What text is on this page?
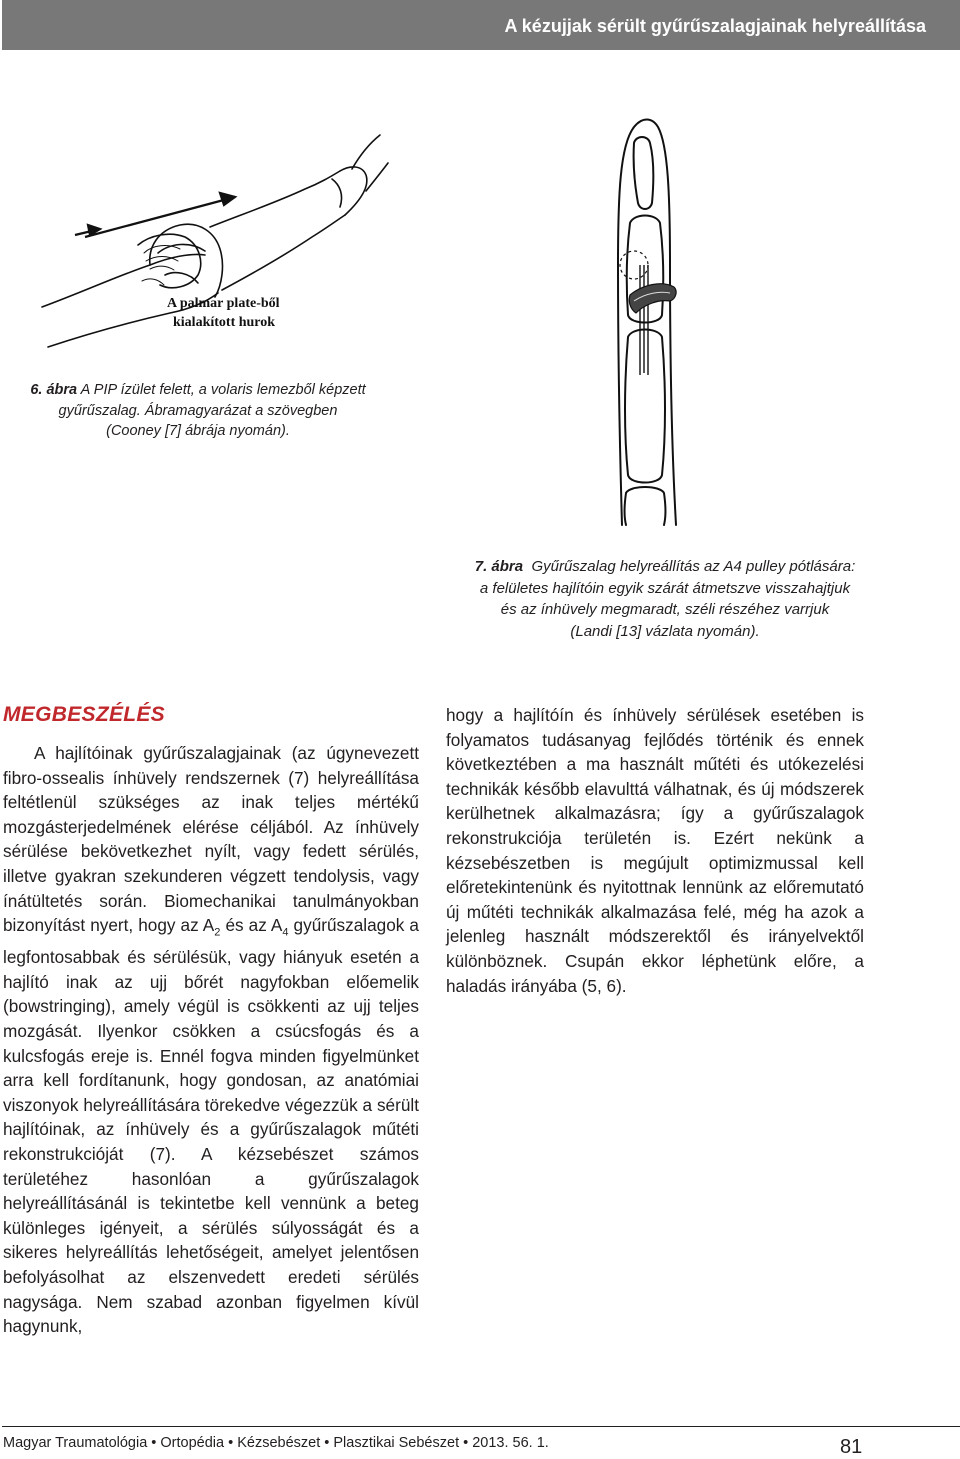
A kézujjak sérült gyűrűszalagjainak helyreállítása
A palmar plate-ből
kialakított hurok
6. ábra A PIP ízület felett, a volaris lemezből képzett
gyűrűszalag. Ábramagyarázat a szövegben
(Cooney [7] ábrája nyomán).
7. ábra Gyűrűszalag helyreállítás az A4 pulley pótlására:
a felületes hajlítóin egyik szárát átmetszve visszahajtjuk
és az ínhüvely megmaradt, széli részéhez varrjuk
(Landi [13] vázlata nyomán).
MEGBESZÉLÉS

A hajlítóinak gyűrűszalagjainak (az úgynevezett fibro-ossealis ínhüvely rendszernek (7) helyreállítása feltétlenül szükséges az inak teljes mértékű mozgásterjedelmének elérése céljából. Az ínhüvely sérülése bekövetkezhet nyílt, vagy fedett sérülés, illetve gyakran szekunderen végzett tendolysis, vagy ínátültetés során. Biomechanikai tanulmányokban bizonyítást nyert, hogy az $A_2$ és az $A_4$ gyűrűszalagok a legfontosabbak és sérülésük, vagy hiányuk esetén a hajlító inak az ujj bőrét nagyfokban előemelik (bowstringing), amely végül is csökkenti az ujj teljes mozgását. Ilyenkor csökken a csúcsfogás és a kulcsfogás ereje is. Ennél fogva minden figyelmünket arra kell fordítanunk, hogy gondosan, az anatómiai viszonyok helyreállítására törekedve végezzük a sérült hajlítóinak, az ínhüvely és a gyűrűszalagok műtéti rekonstrukcióját (7). A kézsebészet számos területéhez hasonlóan a gyűrűszalagok helyreállításánál is tekintetbe kell vennünk a beteg különleges igényeit, a sérülés súlyosságát és a sikeres helyreállítás lehetőségeit, amelyet jelentősen befolyásolhat az elszenvedett eredeti sérülés nagysága. Nem szabad azonban figyelmen kívül hagynunk,

hogy a hajlítóín és ínhüvely sérülések esetében is folyamatos tudásanyag fejlődés történik és ennek következtében a ma használt műtéti és utókezelési technikák később elavulttá válhatnak, és új módszerek kerülhetnek alkalmazásra; így a gyűrűszalagok rekonstrukciója területén is. Ezért nekünk a kézsebészetben is megújult optimizmussal kell előretekintenünk és nyitottnak lennünk az előremutató új műtéti technikák alkalmazása felé, még ha azok a jelenleg használt módszerektől és irányelvektől különböznek. Csupán ekkor léphetünk előre, a haladás irányába (5, 6).

Magyar Traumatológia • Ortopédia • Kézsebészet • Plasztikai Sebészet • 2013. 56. 1.	81
